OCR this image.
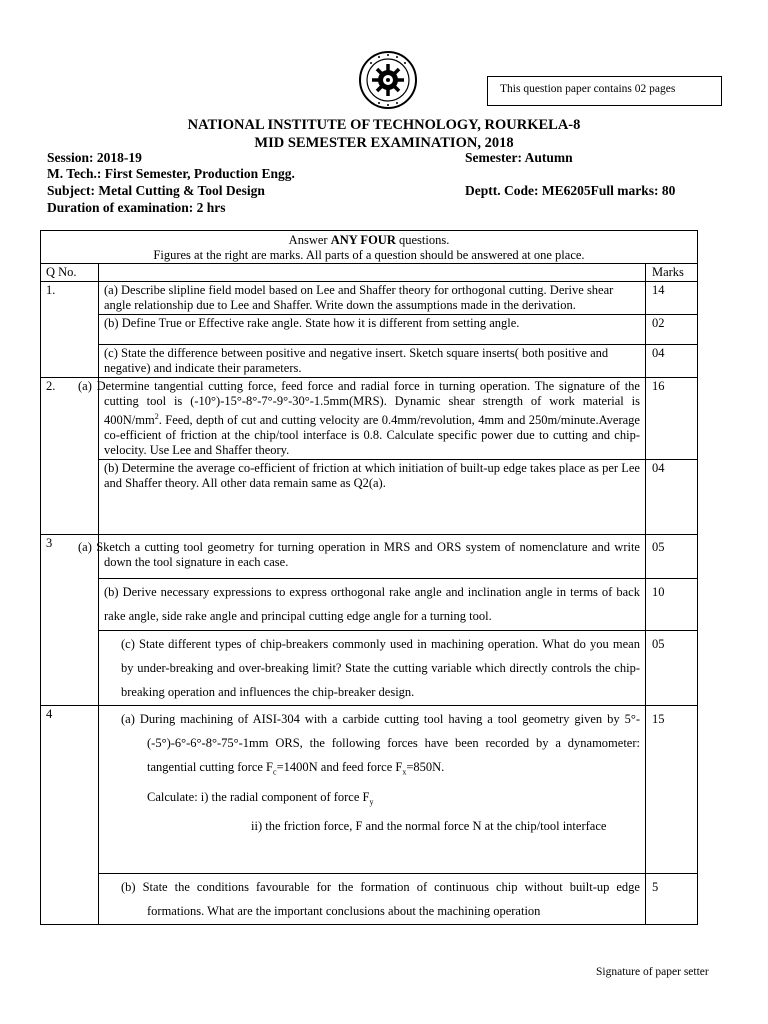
This question paper contains 02 pages
NATIONAL INSTITUTE OF TECHNOLOGY, ROURKELA-8
MID SEMESTER EXAMINATION, 2018
Session: 2018-19	Semester: Autumn
M. Tech.: First Semester, Production Engg.
Subject: Metal Cutting & Tool Design	Deptt. Code: ME6205Full marks: 80
Duration of examination: 2 hrs
Answer ANY FOUR questions.
Figures at the right are marks. All parts of a question should be answered at one place.		
Q No.		Marks
1.	(a) Describe slipline field model based on Lee and Shaffer theory for orthogonal cutting. Derive shear angle relationship due to Lee and Shaffer. Write down the assumptions made in the derivation.	14
	(b) Define True or Effective rake angle. State how it is different from setting angle.	02
	(c) State the difference between positive and negative insert. Sketch square inserts( both positive and negative) and indicate their parameters.	04
2.	(a) Determine tangential cutting force, feed force and radial force in turning operation. The signature of the cutting tool is (-10°)-15°-8°-7°-9°-30°-1.5mm(MRS). Dynamic shear strength of work material is $400N/mm^2$. Feed, depth of cut and cutting velocity are 0.4mm/revolution, 4mm and 250m/minute.Average co-efficient of friction at the chip/tool interface is 0.8. Calculate specific power due to cutting and chip-velocity. Use Lee and Shaffer theory.	16
	(b) Determine the average co-efficient of friction at which initiation of built-up edge takes place as per Lee and Shaffer theory. All other data remain same as Q2(a).	04
3	(a) Sketch a cutting tool geometry for turning operation in MRS and ORS system of nomenclature and write down the tool signature in each case.	05
	(b) Derive necessary expressions to express orthogonal rake angle and inclination angle in terms of back rake angle, side rake angle and principal cutting edge angle for a turning tool.	10
	(c) State different types of chip-breakers commonly used in machining operation. What do you mean by under-breaking and over-breaking limit? State the cutting variable which directly controls the chip-breaking operation and influences the chip-breaker design.	05
4	(a) During machining of AISI-304 with a carbide cutting tool having a tool geometry given by 5°-(-5°)-6°-6°-8°-75°-1mm ORS, the following forces have been recorded by a dynamometer: tangential cutting force $F_c=1400N$ and feed force $F_x=850N$.
Calculate: i) the radial component of force $F_y$
ii) the friction force, F and the normal force N at the chip/tool interface	15
	(b) State the conditions favourable for the formation of continuous chip without built-up edge formations. What are the important conclusions about the machining operation	5
Signature of paper setter
